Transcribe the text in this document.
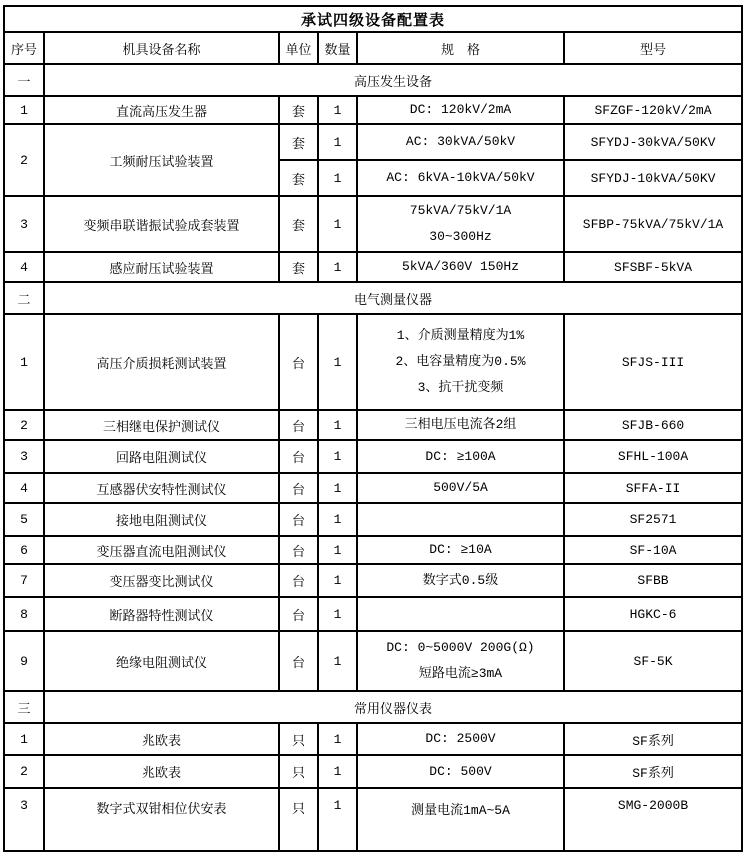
承试四级设备配置表					
序号	机具设备名称	单位	数量	规    格	型号
一	高压发生设备				
1	直流高压发生器	套	1	DC: 120kV/2mA	SFZGF-120kV/2mA
2	工频耐压试验装置	套	1	AC: 30kVA/50kV	SFYDJ-30kVA/50KV
		套	1	AC: 6kVA-10kVA/50kV	SFYDJ-10kVA/50KV
3	变频串联谐振试验成套装置	套	1	75kVA/75kV/1A
30~300Hz	SFBP-75kVA/75kV/1A
4	感应耐压试验装置	套	1	5kVA/360V 150Hz	SFSBF-5kVA
二	电气测量仪器				
1	高压介质损耗测试装置	台	1	1、介质测量精度为1%
2、电容量精度为0.5%
3、抗干扰变频	SFJS-III
2	三相继电保护测试仪	台	1	三相电压电流各2组	SFJB-660
3	回路电阻测试仪	台	1	DC: ≥100A	SFHL-100A
4	互感器伏安特性测试仪	台	1	500V/5A	SFFA-II
5	接地电阻测试仪	台	1		SF2571
6	变压器直流电阻测试仪	台	1	DC: ≥10A	SF-10A
7	变压器变比测试仪	台	1	数字式0.5级	SFBB
8	断路器特性测试仪	台	1		HGKC-6
9	绝缘电阻测试仪	台	1	DC: 0~5000V 200G(Ω)
短路电流≥3mA	SF-5K
三	常用仪器仪表				
1	兆欧表	只	1	DC: 2500V	SF系列
2	兆欧表	只	1	DC: 500V	SF系列
3	数字式双钳相位伏安表	只	1	测量电流1mA~5A	SMG-2000B
